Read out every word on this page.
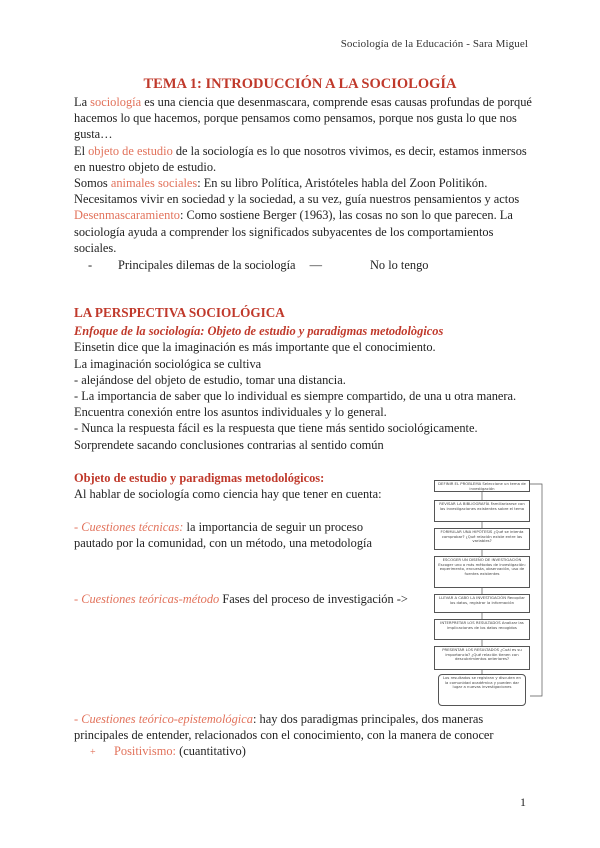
Sociología de la Educación - Sara Miguel
TEMA 1: INTRODUCCIÓN A LA SOCIOLOGÍA
La sociología es una ciencia que desenmascara, comprende esas causas profundas de porqué hacemos lo que hacemos, porque pensamos como pensamos, porque nos gusta lo que nos gusta…
El objeto de estudio de la sociología es lo que nosotros vivimos, es decir, estamos inmersos en nuestro objeto de estudio.
Somos animales sociales: En su libro Política, Aristóteles habla del Zoon Politikón. Necesitamos vivir en sociedad y la sociedad, a su vez, guía nuestros pensamientos y actos
Desenmascaramiento: Como sostiene Berger (1963), las cosas no son lo que parecen. La sociología ayuda a comprender los significados subyacentes de los comportamientos sociales.
- Principales dilemas de la sociología —	No lo tengo
LA PERSPECTIVA SOCIOLÓGICA
Enfoque de la sociología: Objeto de estudio y paradigmas metodològicos
Einsetin dice que la imaginación es más importante que el conocimiento.
La imaginación sociológica se cultiva
- alejándose del objeto de estudio, tomar una distancia.
- La importancia de saber que lo individual es siempre compartido, de una u otra manera. Encuentra conexión entre los asuntos individuales y lo general.
- Nunca la respuesta fácil es la respuesta que tiene más sentido sociológicamente. Sorprendete sacando conclusiones contrarias al sentido común
Objeto de estudio y paradigmas metodológicos:
Al hablar de sociología como ciencia hay que tener en cuenta:
- Cuestiones técnicas: la importancia de seguir un proceso pautado por la comunidad, con un método, una metodología
- Cuestiones teóricas-método Fases del proceso de investigación ->
- Cuestiones teórico-epistemológica: hay dos paradigmas principales, dos maneras principales de entender, relacionados con el conocimiento, con la manera de conocer
+ Positivismo: (cuantitativo)
DEFINIR EL PROBLEMA Seleccione un tema de investigación
REVISAR LA BIBLIOGRAFÍA Familiarizarse con las investigaciones existentes sobre el tema
FORMULAR UNA HIPÓTESIS ¿Qué se intenta comprobar? ¿Qué relación existe entre las variables?
ESCOGER UN DISEÑO DE INVESTIGACIÓN Escoger uno o más métodos de investigación: experimento, encuesta, observación, uso de fuentes existentes
LLEVAR A CABO LA INVESTIGACIÓN Recopilar los datos, registrar la información
INTERPRETAR LOS RESULTADOS Analizar las implicaciones de los datos recogidos
PRESENTAR LOS RESULTADOS ¿Cuál es su importancia? ¿Qué relación tienen con descubrimientos anteriores?
Los resultados se registran y discuten en la comunidad académica y pueden dar lugar a nuevas investigaciones
1
